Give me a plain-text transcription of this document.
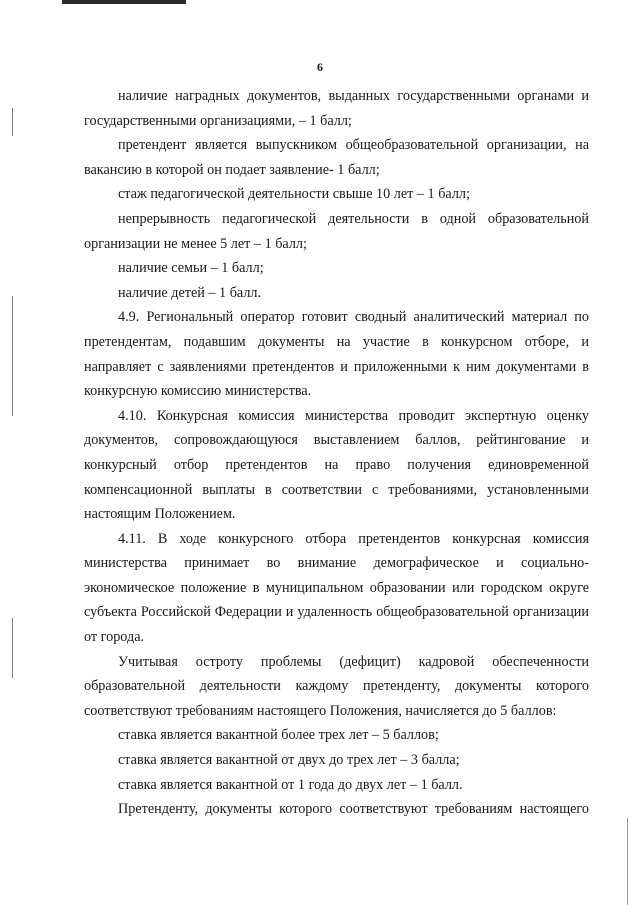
6

наличие наградных документов, выданных государственными органами и государственными организациями, – 1 балл;

претендент является выпускником общеобразовательной организации, на вакансию в которой он подает заявление- 1 балл;

стаж педагогической деятельности свыше 10 лет – 1 балл;

непрерывность педагогической деятельности в одной образовательной организации не менее 5 лет – 1 балл;

наличие семьи – 1 балл;

наличие детей – 1 балл.

4.9. Региональный оператор готовит сводный аналитический материал по претендентам, подавшим документы на участие в конкурсном отборе, и направляет с заявлениями претендентов и приложенными к ним документами в конкурсную комиссию министерства.

4.10. Конкурсная комиссия министерства проводит экспертную оценку документов, сопровождающуюся выставлением баллов, рейтингование и конкурсный отбор претендентов на право получения единовременной компенсационной выплаты в соответствии с требованиями, установленными настоящим Положением.

4.11. В ходе конкурсного отбора претендентов конкурсная комиссия министерства принимает во внимание демографическое и социально-экономическое положение в муниципальном образовании или городском округе субъекта Российской Федерации и удаленность общеобразовательной организации от города.

Учитывая остроту проблемы (дефицит) кадровой обеспеченности образовательной деятельности каждому претенденту, документы которого соответствуют требованиям настоящего Положения, начисляется до 5 баллов:

ставка является вакантной более трех лет – 5 баллов;

ставка является вакантной от двух до трех лет – 3 балла;

ставка является вакантной от 1 года до двух лет – 1 балл.

Претенденту, документы которого соответствуют требованиям настоящего
